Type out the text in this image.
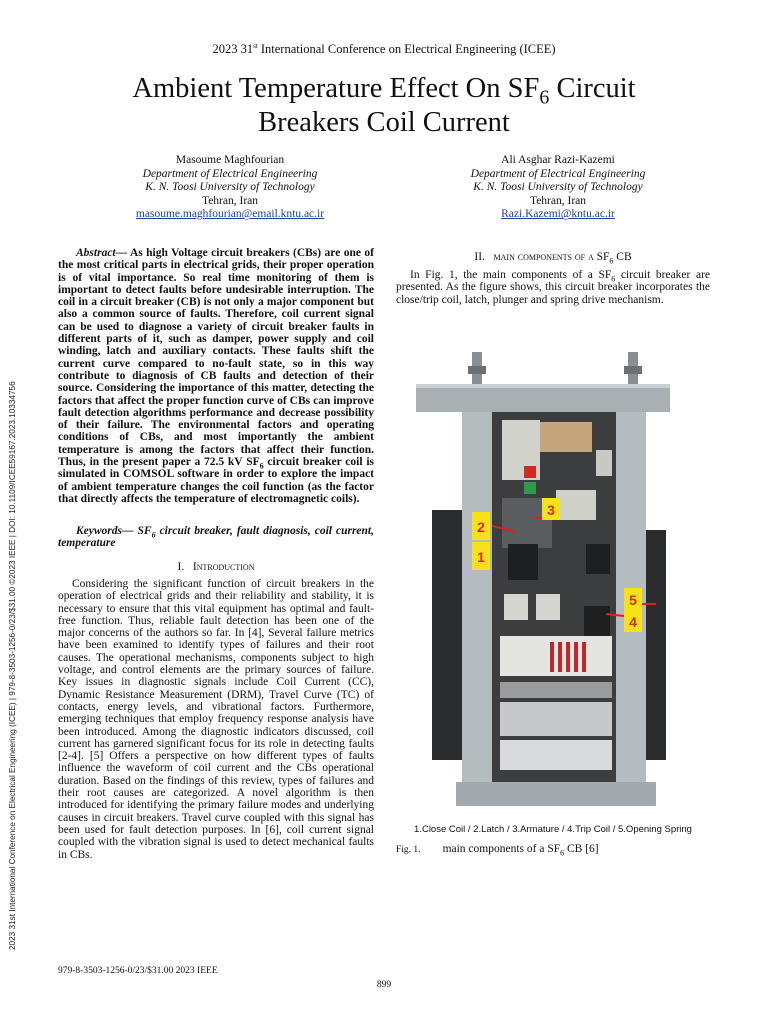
2023 31st International Conference on Electrical Engineering (ICEE)
Ambient Temperature Effect On $SF_6$ Circuit
Breakers Coil Current
Masoume Maghfourian
Department of Electrical Engineering
K. N. Toosi University of Technology
Tehran, Iran
masoume.maghfourian@email.kntu.ac.ir
Ali Asghar Razi-Kazemi
Department of Electrical Engineering
K. N. Toosi University of Technology
Tehran, Iran
Razi.Kazemi@kntu.ac.ir

Abstract— As high Voltage circuit breakers (CBs) are one of the most critical parts in electrical grids, their proper operation is of vital importance. So real time monitoring of them is important to detect faults before undesirable interruption. The coil in a circuit breaker (CB) is not only a major component but also a common source of faults. Therefore, coil current signal can be used to diagnose a variety of circuit breaker faults in different parts of it, such as damper, power supply and coil winding, latch and auxiliary contacts. These faults shift the current curve compared to no-fault state, so in this way contribute to diagnosis of CB faults and detection of their source. Considering the importance of this matter, detecting the factors that affect the proper function curve of CBs can improve fault detection algorithms performance and decrease possibility of their failure. The environmental factors and operating conditions of CBs, and most importantly the ambient temperature is among the factors that affect their function. Thus, in the present paper a 72.5 kV $SF_6$ circuit breaker coil is simulated in COMSOL software in order to explore the impact of ambient temperature changes the coil function (as the factor that directly affects the temperature of electromagnetic coils).

Keywords— $SF_6$ circuit breaker, fault diagnosis, coil current, temperature

I. Introduction

Considering the significant function of circuit breakers in the operation of electrical grids and their reliability and stability, it is necessary to ensure that this vital equipment has optimal and fault-free function. Thus, reliable fault detection has been one of the major concerns of the authors so far. In [4], Several failure metrics have been examined to identify types of failures and their root causes. The operational mechanisms, components subject to high voltage, and control elements are the primary sources of failure. Key issues in diagnostic signals include Coil Current (CC), Dynamic Resistance Measurement (DRM), Travel Curve (TC) of contacts, energy levels, and vibrational factors. Furthermore, emerging techniques that employ frequency response analysis have been introduced. Among the diagnostic indicators discussed, coil current has garnered significant focus for its role in detecting faults [2-4]. [5] Offers a perspective on how different types of faults influence the waveform of coil current and the CBs operational duration. Based on the findings of this review, types of failures and their root causes are categorized. A novel algorithm is then introduced for identifying the primary failure modes and underlying causes in circuit breakers. Travel curve coupled with this signal has been used for fault detection purposes. In [6], coil current signal coupled with the vibration signal is used to detect mechanical faults in CBs.

II. main components of a $SF_6$ CB

In Fig. 1, the main components of a $SF_6$ circuit breaker are presented. As the figure shows, this circuit breaker incorporates the close/trip coil, latch, plunger and spring drive mechanism.

1
2
3
4
5
1.Close Coil / 2.Latch / 3.Armature / 4.Trip Coil / 5.Opening Spring
Fig. 1. main components of a $SF_6$ CB [6]
2023 31st International Conference on Electrical Engineering (ICEE) | 979-8-3503-1256-0/23/$31.00 ©2023 IEEE | DOI: 10.1109/ICEE59167.2023.10334756
979-8-3503-1256-0/23/$31.00 2023 IEEE
899
